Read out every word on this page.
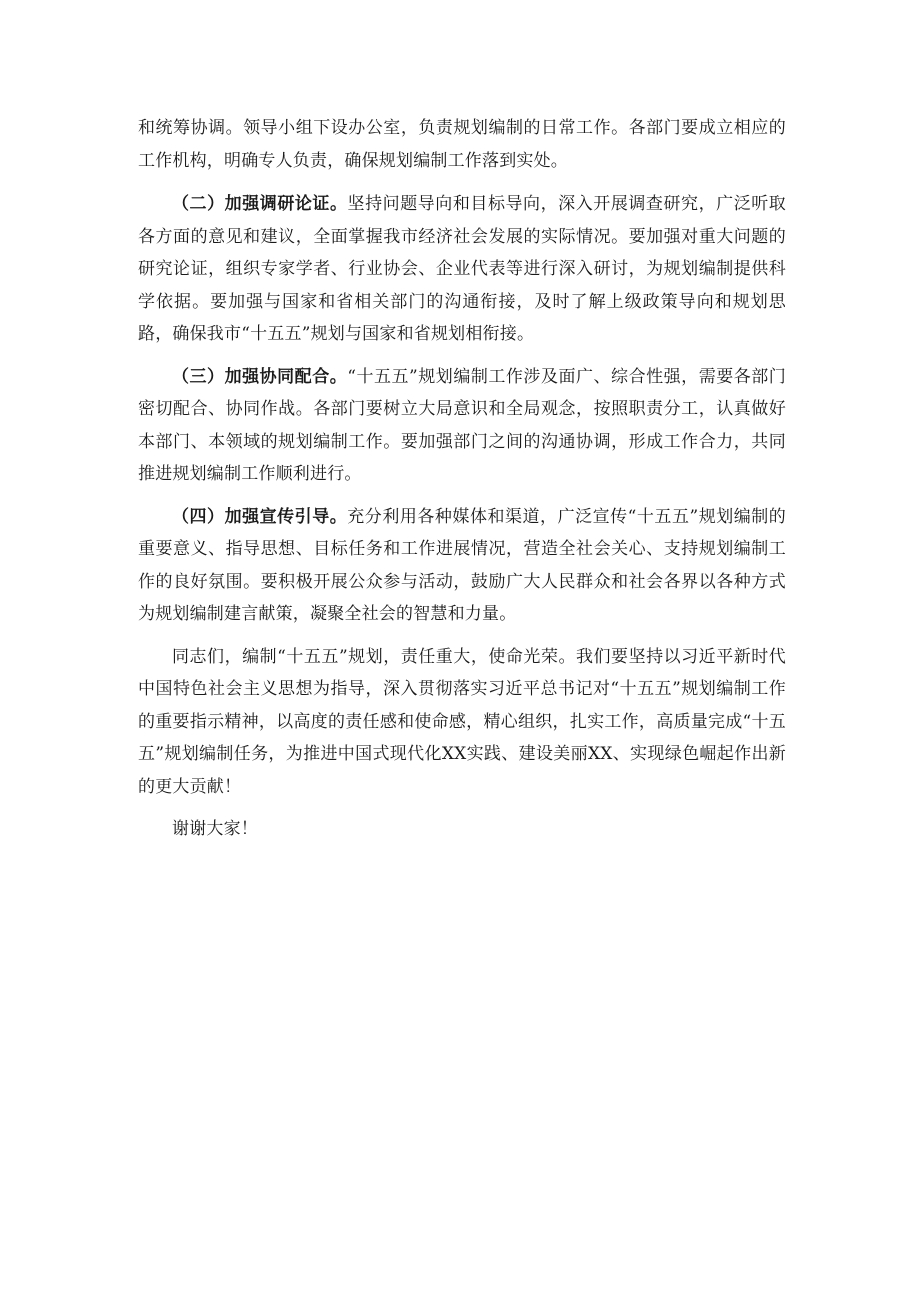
和统筹协调。领导小组下设办公室，负责规划编制的日常工作。各部门要成立相应的工作机构，明确专人负责，确保规划编制工作落到实处。

（二）加强调研论证。坚持问题导向和目标导向，深入开展调查研究，广泛听取各方面的意见和建议，全面掌握我市经济社会发展的实际情况。要加强对重大问题的研究论证，组织专家学者、行业协会、企业代表等进行深入研讨，为规划编制提供科学依据。要加强与国家和省相关部门的沟通衔接，及时了解上级政策导向和规划思路，确保我市“十五五”规划与国家和省规划相衔接。

（三）加强协同配合。“十五五”规划编制工作涉及面广、综合性强，需要各部门密切配合、协同作战。各部门要树立大局意识和全局观念，按照职责分工，认真做好本部门、本领域的规划编制工作。要加强部门之间的沟通协调，形成工作合力，共同推进规划编制工作顺利进行。

（四）加强宣传引导。充分利用各种媒体和渠道，广泛宣传“十五五”规划编制的重要意义、指导思想、目标任务和工作进展情况，营造全社会关心、支持规划编制工作的良好氛围。要积极开展公众参与活动，鼓励广大人民群众和社会各界以各种方式为规划编制建言献策，凝聚全社会的智慧和力量。

同志们，编制“十五五”规划，责任重大，使命光荣。我们要坚持以习近平新时代中国特色社会主义思想为指导，深入贯彻落实习近平总书记对“十五五”规划编制工作的重要指示精神，以高度的责任感和使命感，精心组织，扎实工作，高质量完成“十五五”规划编制任务，为推进中国式现代化XX实践、建设美丽XX、实现绿色崛起作出新的更大贡献！

谢谢大家！
